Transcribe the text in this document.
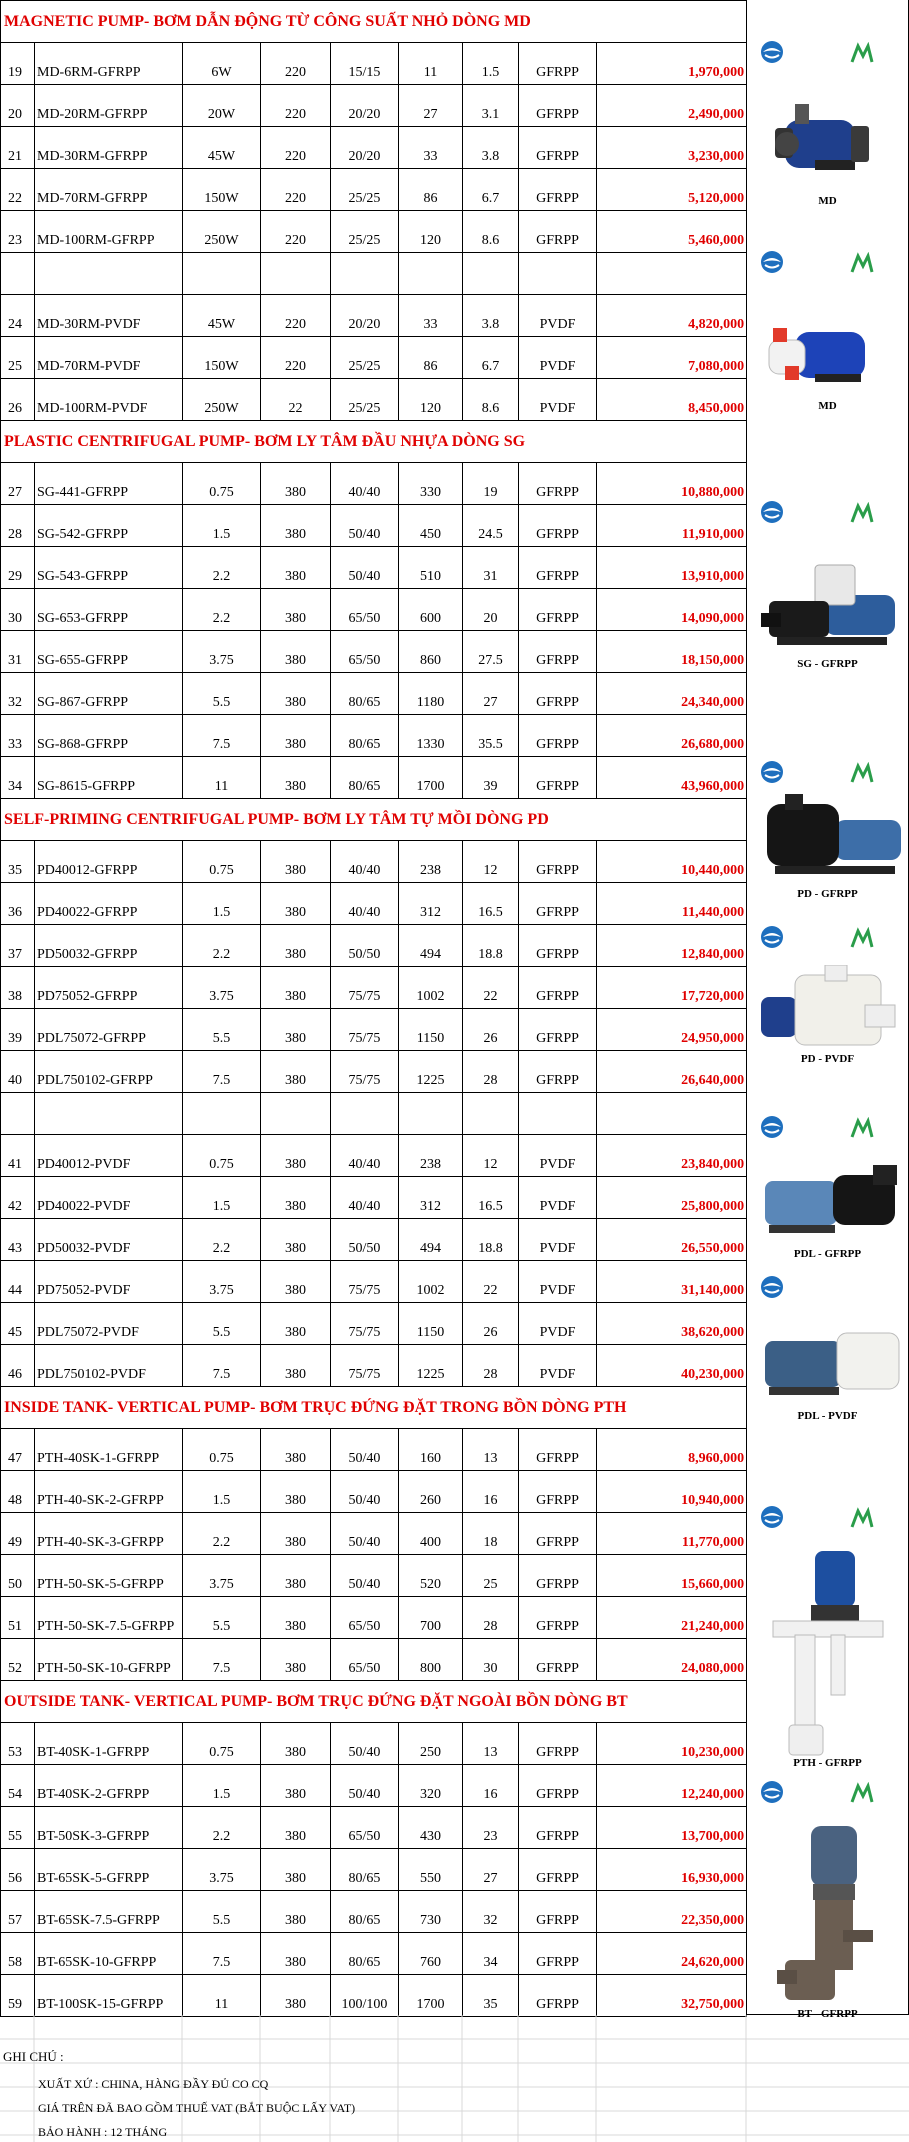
MAGNETIC PUMP- BƠM DẪN ĐỘNG TỪ CÔNG SUẤT NHỎ DÒNG MD								
19	MD-6RM-GFRPP	6W	220	15/15	11	1.5	GFRPP	1,970,000
20	MD-20RM-GFRPP	20W	220	20/20	27	3.1	GFRPP	2,490,000
21	MD-30RM-GFRPP	45W	220	20/20	33	3.8	GFRPP	3,230,000
22	MD-70RM-GFRPP	150W	220	25/25	86	6.7	GFRPP	5,120,000
23	MD-100RM-GFRPP	250W	220	25/25	120	8.6	GFRPP	5,460,000

24	MD-30RM-PVDF	45W	220	20/20	33	3.8	PVDF	4,820,000
25	MD-70RM-PVDF	150W	220	25/25	86	6.7	PVDF	7,080,000
26	MD-100RM-PVDF	250W	22	25/25	120	8.6	PVDF	8,450,000
PLASTIC CENTRIFUGAL PUMP- BƠM LY TÂM ĐẦU NHỰA DÒNG SG								
27	SG-441-GFRPP	0.75	380	40/40	330	19	GFRPP	10,880,000
28	SG-542-GFRPP	1.5	380	50/40	450	24.5	GFRPP	11,910,000
29	SG-543-GFRPP	2.2	380	50/40	510	31	GFRPP	13,910,000
30	SG-653-GFRPP	2.2	380	65/50	600	20	GFRPP	14,090,000
31	SG-655-GFRPP	3.75	380	65/50	860	27.5	GFRPP	18,150,000
32	SG-867-GFRPP	5.5	380	80/65	1180	27	GFRPP	24,340,000
33	SG-868-GFRPP	7.5	380	80/65	1330	35.5	GFRPP	26,680,000
34	SG-8615-GFRPP	11	380	80/65	1700	39	GFRPP	43,960,000
SELF-PRIMING CENTRIFUGAL PUMP- BƠM LY TÂM TỰ MỒI DÒNG PD								
35	PD40012-GFRPP	0.75	380	40/40	238	12	GFRPP	10,440,000
36	PD40022-GFRPP	1.5	380	40/40	312	16.5	GFRPP	11,440,000
37	PD50032-GFRPP	2.2	380	50/50	494	18.8	GFRPP	12,840,000
38	PD75052-GFRPP	3.75	380	75/75	1002	22	GFRPP	17,720,000
39	PDL75072-GFRPP	5.5	380	75/75	1150	26	GFRPP	24,950,000
40	PDL750102-GFRPP	7.5	380	75/75	1225	28	GFRPP	26,640,000

41	PD40012-PVDF	0.75	380	40/40	238	12	PVDF	23,840,000
42	PD40022-PVDF	1.5	380	40/40	312	16.5	PVDF	25,800,000
43	PD50032-PVDF	2.2	380	50/50	494	18.8	PVDF	26,550,000
44	PD75052-PVDF	3.75	380	75/75	1002	22	PVDF	31,140,000
45	PDL75072-PVDF	5.5	380	75/75	1150	26	PVDF	38,620,000
46	PDL750102-PVDF	7.5	380	75/75	1225	28	PVDF	40,230,000
INSIDE TANK- VERTICAL PUMP- BƠM TRỤC ĐỨNG ĐẶT TRONG BỒN DÒNG PTH								
47	PTH-40SK-1-GFRPP	0.75	380	50/40	160	13	GFRPP	8,960,000
48	PTH-40-SK-2-GFRPP	1.5	380	50/40	260	16	GFRPP	10,940,000
49	PTH-40-SK-3-GFRPP	2.2	380	50/40	400	18	GFRPP	11,770,000
50	PTH-50-SK-5-GFRPP	3.75	380	50/40	520	25	GFRPP	15,660,000
51	PTH-50-SK-7.5-GFRPP	5.5	380	65/50	700	28	GFRPP	21,240,000
52	PTH-50-SK-10-GFRPP	7.5	380	65/50	800	30	GFRPP	24,080,000
OUTSIDE TANK- VERTICAL PUMP- BƠM TRỤC ĐỨNG ĐẶT NGOÀI BỒN DÒNG BT								
53	BT-40SK-1-GFRPP	0.75	380	50/40	250	13	GFRPP	10,230,000
54	BT-40SK-2-GFRPP	1.5	380	50/40	320	16	GFRPP	12,240,000
55	BT-50SK-3-GFRPP	2.2	380	65/50	430	23	GFRPP	13,700,000
56	BT-65SK-5-GFRPP	3.75	380	80/65	550	27	GFRPP	16,930,000
57	BT-65SK-7.5-GFRPP	5.5	380	80/65	730	32	GFRPP	22,350,000
58	BT-65SK-10-GFRPP	7.5	380	80/65	760	34	GFRPP	24,620,000
59	BT-100SK-15-GFRPP	11	380	100/100	1700	35	GFRPP	32,750,000
MD
MD
SG - GFRPP
PD - GFRPP
PD - PVDF
PDL - GFRPP
PDL - PVDF
PTH - GFRPP
BT - GFRPP
GHI CHÚ :
XUẤT XỨ : CHINA, HÀNG ĐẦY ĐỦ CO CQ
GIÁ TRÊN ĐÃ BAO GỒM THUẾ VAT (BẮT BUỘC LẤY VAT)
BẢO HÀNH : 12 THÁNG
